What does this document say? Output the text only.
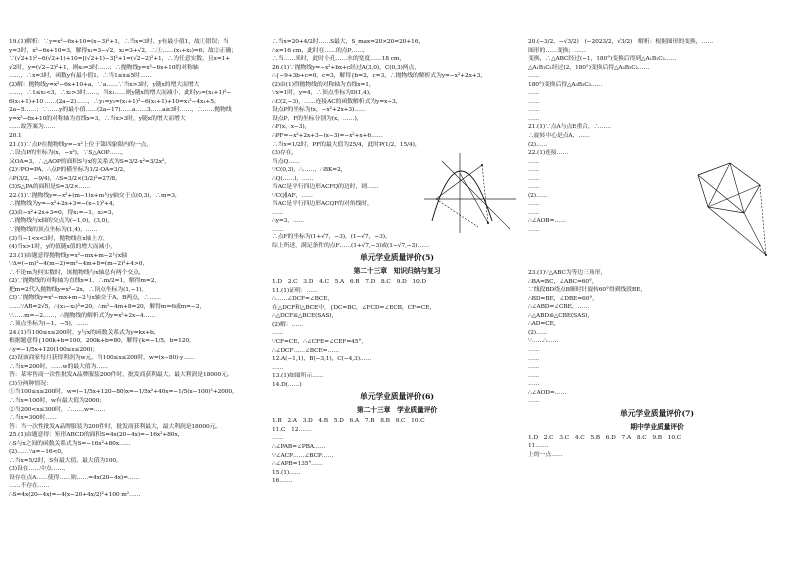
19.(1)解析：∵y=x²−6x+10=(x−3)²+1，∴当x=3时，y有最小值1，故①错误；当

y=3时，x²−6x+10=3，解得x₁=3−√2，x₂=3+√2，∴①……(x₁+x₂)=6；故②正确；

∵(√2+1)²−6(√2+1)+10=[(√2+1)−3]²+1=(√2−2)²+1，∴为任意实数，且x=1+

√2时，y=(√2−2)²+1，则x₀=3时……；∴抛物线y=x²−6x+10的对称轴

……，∴x=3时，函数y有最小值1，∴当1≤x≤5时……

(2)解：抛物线y=x²−6x+10+a，∵a……∵当x>3时，y随x的增大而增大

……，∴1≤x₁<3，∴x₂>3时……，当x₁……则y随x的增大而减小，此时y₁=(x₁+1)²−

6(x₁+1)+10 ……(2a−2)……，∴y₁=y₂=(x₁+1)²−6(x₁+1)+10=x₁²−4x₁+5，

2a−5……；∵……y的最小值……(2a−17)……a……3……a≥3时……，∴……抛物线

y=x²−6x+10的对称轴为直线x=3，∴当x>3时，y随x的增大而增大

……故答案为……

20.1

21.(1)∵点P在抛物线y=−x²上位于第四象限内的一点，

∴设点P的坐标为(x，−x²)，∵S△AOP……，

又OA=3，∴△AOP的面积S与x的关系式为S=3/2·x²=3/2x²，

(2)∵PO=PA，∴点P的横坐标为1/2·OA=3/2，

∴P(3/2，−9/4)，∴S=3/2×(3/2)²=27/8，

(3)S△PA的面积是S=3/2×……

22.(1)∵抛物线y=−x²+(m−1)x+m与y轴交于点(0,3)，∴m=3，

∴抛物线为y=−x²+2x+3=−(x−1)²+4，

(2)由−x²+2x+3=0，得x₁=−1，x₂=3，

∴抛物线与x轴的交点为(−1,0)，(3,0)，

∵抛物线的顶点坐标为(1,4)，……

(3)当−1<x<3时，抛物线在x轴上方，

(4)当x>1时，y的值随x值的增大而减小，

23.(1)由题意得抛物线y=x²−mx+m−2与x轴

∵Δ=(−m)²−4(m−2)=m²−4m+8=(m−2)²+4>0，

∴不论m为何实数时，该抛物线与x轴总有两个交点，

(2)∵抛物线的对称轴为直线x=1，∴m/2=1，解得m=2，

把m=2代入抛物线y=x²−2x，∴顶点坐标为(1,−1)，

(3)∵抛物线y=x²−mx+m−2与x轴交于A，B两点，∴……

……∵AB=2√5，∴(x₁−x₂)²=20，∴m²−4m+8=20，解得m=6或m=−2，

∵……m=−2……，∴抛物线的解析式为y=x²+2x−4……

∴顶点坐标为(−1，−5)，……

24.(1)当100≤x≤200时，y与x的函数关系式为y=kx+b，

根据题意得{100k+b=100，200k+b=80，解得{k=−1/5，b=120，

∴y=−1/5x+120(100≤x≤200)；

(2)设该商家每月获得利润为w元，当100≤x≤200时，w=(x−80)·y……

∴当x=200时，……w的最大值为……

答：某零售商一次性批发A品牌服装200件时，批发商获利最大，最大利润是18000元。

(3)分两种情况：

①当100≤x≤200时，w=(−1/5x+120−80)x=−1/5x²+40x=−1/5(x−100)²+2000，

∴当x=100时，w有最大值为2000；

②当200<x≤300时，∴……w=……

∴当x=300时……

答：当一次性批发A品牌服装为200件时，批发商获利最大，最大利润是18000元。

25.(1)由题意得：矩形ABCD的面积S=4x(20−4x)=−16x²+80x，

∴S与x之间的函数关系式为S=−16x²+80x……

(2)……∵a=−16<0，

∴当x=5/2时，S有最大值，最大值为100，

(3)设在……中点……，

设存在点A……使得……则……=4x(20−4x)=……

……不存在……

∴S=4x(20−4x)=−4(x−20+4x/2)²+100 m²……

∴当x=20+4/2时……S最大，S_max=20×20=20+16，

∴x=16 cm，此时在……的点P……，

∴当……米时，此时小孔……水的宽度……18 cm，

26.(1)∵抛物线y=−x²+bx+c经过A(3,0)，C(0,3)两点，

∴{−9+3b+c=0，c=3，解得{b=2，c=3，∴抛物线的解析式为y=−x²+2x+3，

(2)由(1)得抛物线的对称轴为直线x=1，

∵x=1时，y=4，∴顶点坐标为D(1,4)，

∴C(2,−3)，……连接AC的函数解析式为y=x−3，

设点P的坐标为(x，−x²+2x+3)……

设点P，F的坐标分别为(x，……)，

∴F(x，x−3)，

∴PF=−x²+2x+3−(x−3)=−x²+x+6……

∴当x=1/2时，PF的最大值为25/4，此时P(1/2，15/4)，

(3)存在，

当点Q……

∵C(0,3)，∴……，∴BK=2，

∴Q(……)，……

当AC是平行四边形ACFQ的边时，则……

∵CQ∥AF，……

当AC是平行四边形ACQF的对角线时，

……

∴y=3，……

……

∴点F的坐标为(1+√7，−3)，(1−√7，−3)，

综上所述，满足条件的点F……(1+√7,−3)或(1−√7,−3)……

单元学业质量评价(5)
第二十三章　知识归纳与复习

1.D　2.C　3.D　4.C　5.A　6.B　7.D　8.C　9.D　10.D

11.(1)证明：……

∴……∠DCF=∠BCE，

在△DCF和△BCE中，{DC=BC，∠FCD=∠ECB，CF=CE，

∴△DCF≌△BCE(SAS)，

(2)解：……

……

∵CF=CE，∴∠CFE=∠CEF=45°，

∴∠DCF……∠BCE=……

12.A(−1,1)，B(−3,1)，C(−4,3)……

……

13.(1)如图所示……

14.D(……)

单元学业质量评价(6)
第二十三章　学业质量评价

1.B　2.A　3.D　4.B　5.D　6.A　7.B　8.B　9.C　10.C

11.C　12.……

……

∴∠PAB=∠PBA……

∵∠ACP……∠BCP……

∴∠APB=135°……

15.(1)……

16.……

20.(−3/2，−√3/2)　(−2023/2，√3/2)　解析：根据图形的变换，……

图形的……变换；……

变换，∴△ABC经过(−1，180°)变换后得到△A₁B₁C₁……

△A₁B₁C₁经过(2，180°)变换后得△A₂B₂C₂……

……

180°)变换后得△A₃B₃C₃……

……

……

……

……

21.(1)∵点A与点E重合，∴……

∴旋转中心是点A，……

(2)……

22.(1)连接……

……

……

……

……

(2)……

……

……

∴∠AOB=……

……

23.(1)∵△ABC为等边三角形，

∴BA=BC，∠ABC=60°，

∵线段BD绕点B顺时针旋转60°得到线段BE，

∴BD=BE，∠DBE=60°，

∴∠ABD=∠CBE，……

∴△ABD≌△CBE(SAS)，

∴AD=CE，

(2)……

∵……∴……

……

……

……

……

……

∴∠AOD=……

……

单元学业质量评价(7)
期中学业质量评价

1.D　2.C　3.C　4.C　5.B　6.D　7.A　8.C　9.B　10.C

11.……

上的一点……
